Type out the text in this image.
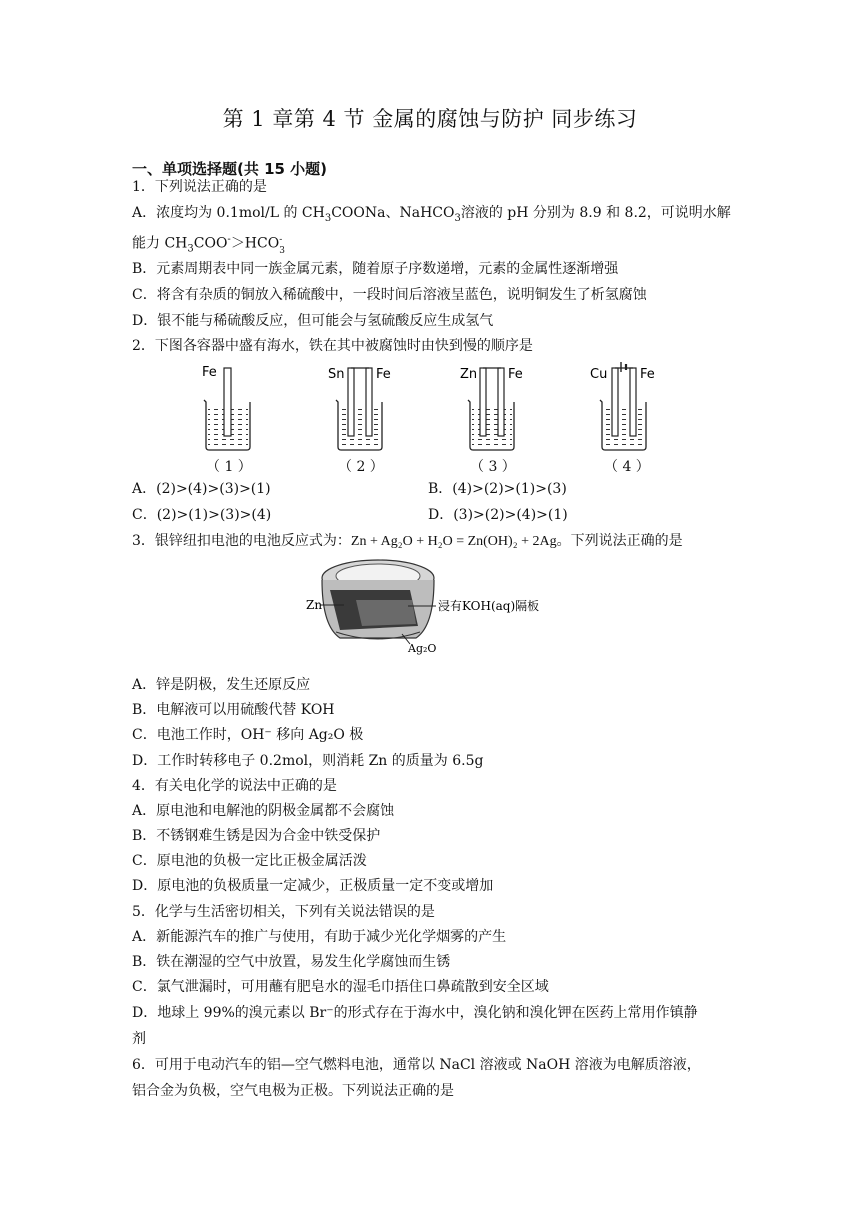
第 1 章第 4 节 金属的腐蚀与防护 同步练习
一、单项选择题(共 15 小题)
1．下列说法正确的是
A．浓度均为 0.1mol/L 的 $CH_3COONa$、NaHCO$_3$溶液的 pH 分别为 8.9 和 8.2，可说明水解
能力 $CH_3COO^->HCO$ -
3
B．元素周期表中同一族金属元素，随着原子序数递增，元素的金属性逐渐增强
C．将含有杂质的铜放入稀硫酸中，一段时间后溶液呈蓝色，说明铜发生了析氢腐蚀
D．银不能与稀硫酸反应，但可能会与氢硫酸反应生成氢气
2．下图各容器中盛有海水，铁在其中被腐蚀时由快到慢的顺序是
Fe	Sn Fe	Zn Fe	Cu	Fe
（ 1 ）	（ 2 ）	（ 3 ）	（ 4 ）
A．(2)>(4)>(3)>(1)	B．(4)>(2)>(1)>(3)
C．(2)>(1)>(3)>(4)	D．(3)>(2)>(4)>(1)
3．银锌纽扣电池的电池反应式为：Zn + Ag₂O + H₂O = Zn(OH)₂ + 2Ag。下列说法正确的是
Zn	浸有KOH(aq)隔板
Ag₂O
A．锌是阴极，发生还原反应
B．电解液可以用硫酸代替 KOH
C．电池工作时，OH⁻ 移向 Ag₂O 极
D．工作时转移电子 0.2mol，则消耗 Zn 的质量为 6.5g
4．有关电化学的说法中正确的是
A．原电池和电解池的阴极金属都不会腐蚀
B．不锈钢难生锈是因为合金中铁受保护
C．原电池的负极一定比正极金属活泼
D．原电池的负极质量一定减少，正极质量一定不变或增加
5．化学与生活密切相关，下列有关说法错误的是
A．新能源汽车的推广与使用，有助于减少光化学烟雾的产生
B．铁在潮湿的空气中放置，易发生化学腐蚀而生锈
C．氯气泄漏时，可用蘸有肥皂水的湿毛巾捂住口鼻疏散到安全区域
D．地球上 99%的溴元素以 Br⁻的形式存在于海水中，溴化钠和溴化钾在医药上常用作镇静
剂
6．可用于电动汽车的铝—空气燃料电池，通常以 NaCl 溶液或 NaOH 溶液为电解质溶液，
铝合金为负极，空气电极为正极。下列说法正确的是
